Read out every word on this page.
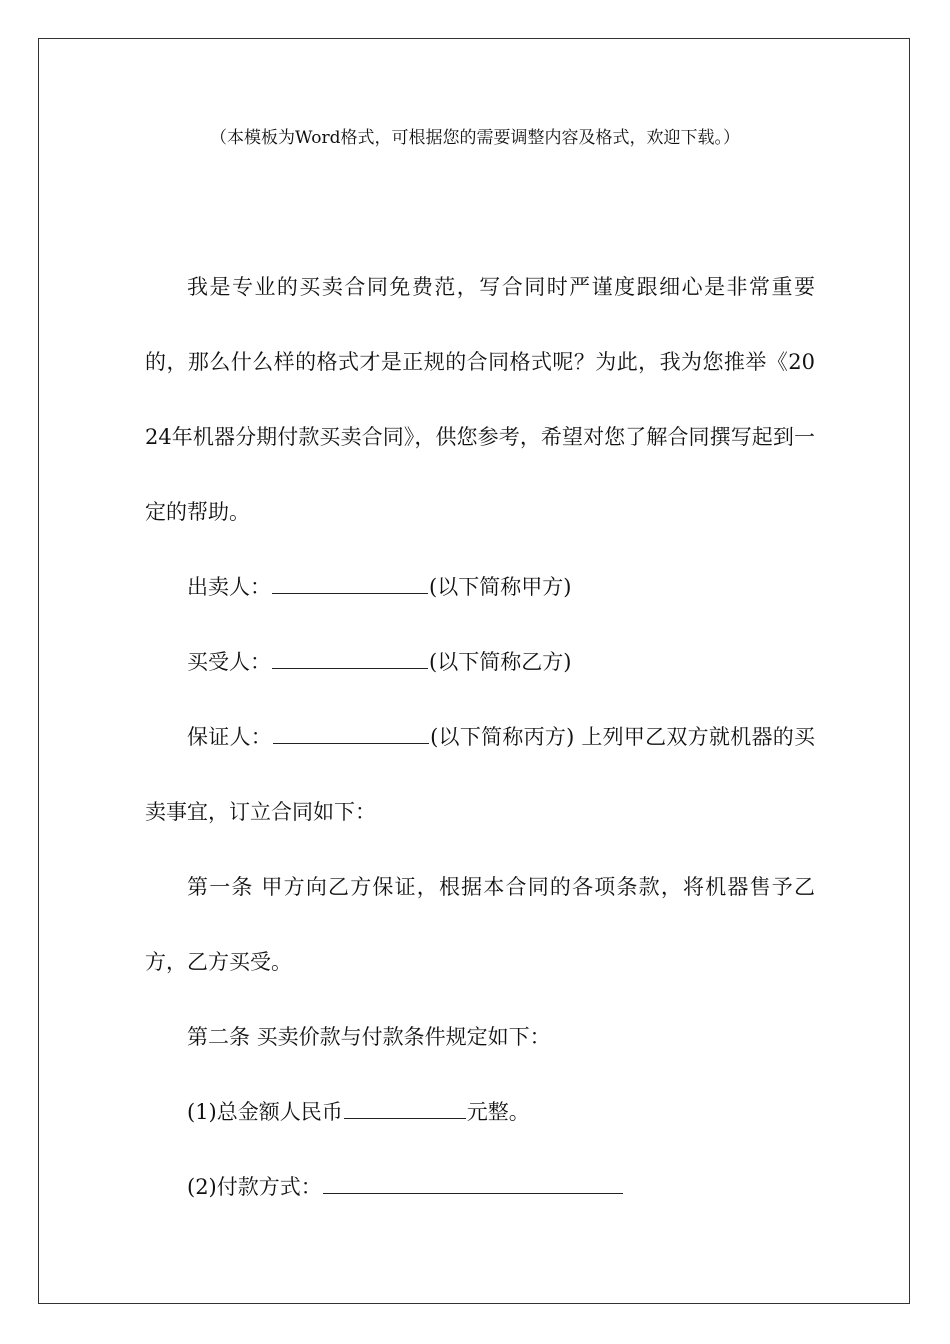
（本模板为Word格式，可根据您的需要调整内容及格式，欢迎下载。）

我是专业的买卖合同免费范，写合同时严谨度跟细心是非常重要的，那么什么样的格式才是正规的合同格式呢？为此，我为您推举《2024年机器分期付款买卖合同》，供您参考，希望对您了解合同撰写起到一定的帮助。

出卖人：	(以下简称甲方)

买受人：	(以下简称乙方)

保证人：	(以下简称丙方) 上列甲乙双方就机器的买卖事宜，订立合同如下：

第一条 甲方向乙方保证，根据本合同的各项条款，将机器售予乙方，乙方买受。

第二条 买卖价款与付款条件规定如下：

(1)总金额人民币	元整。

(2)付款方式：
